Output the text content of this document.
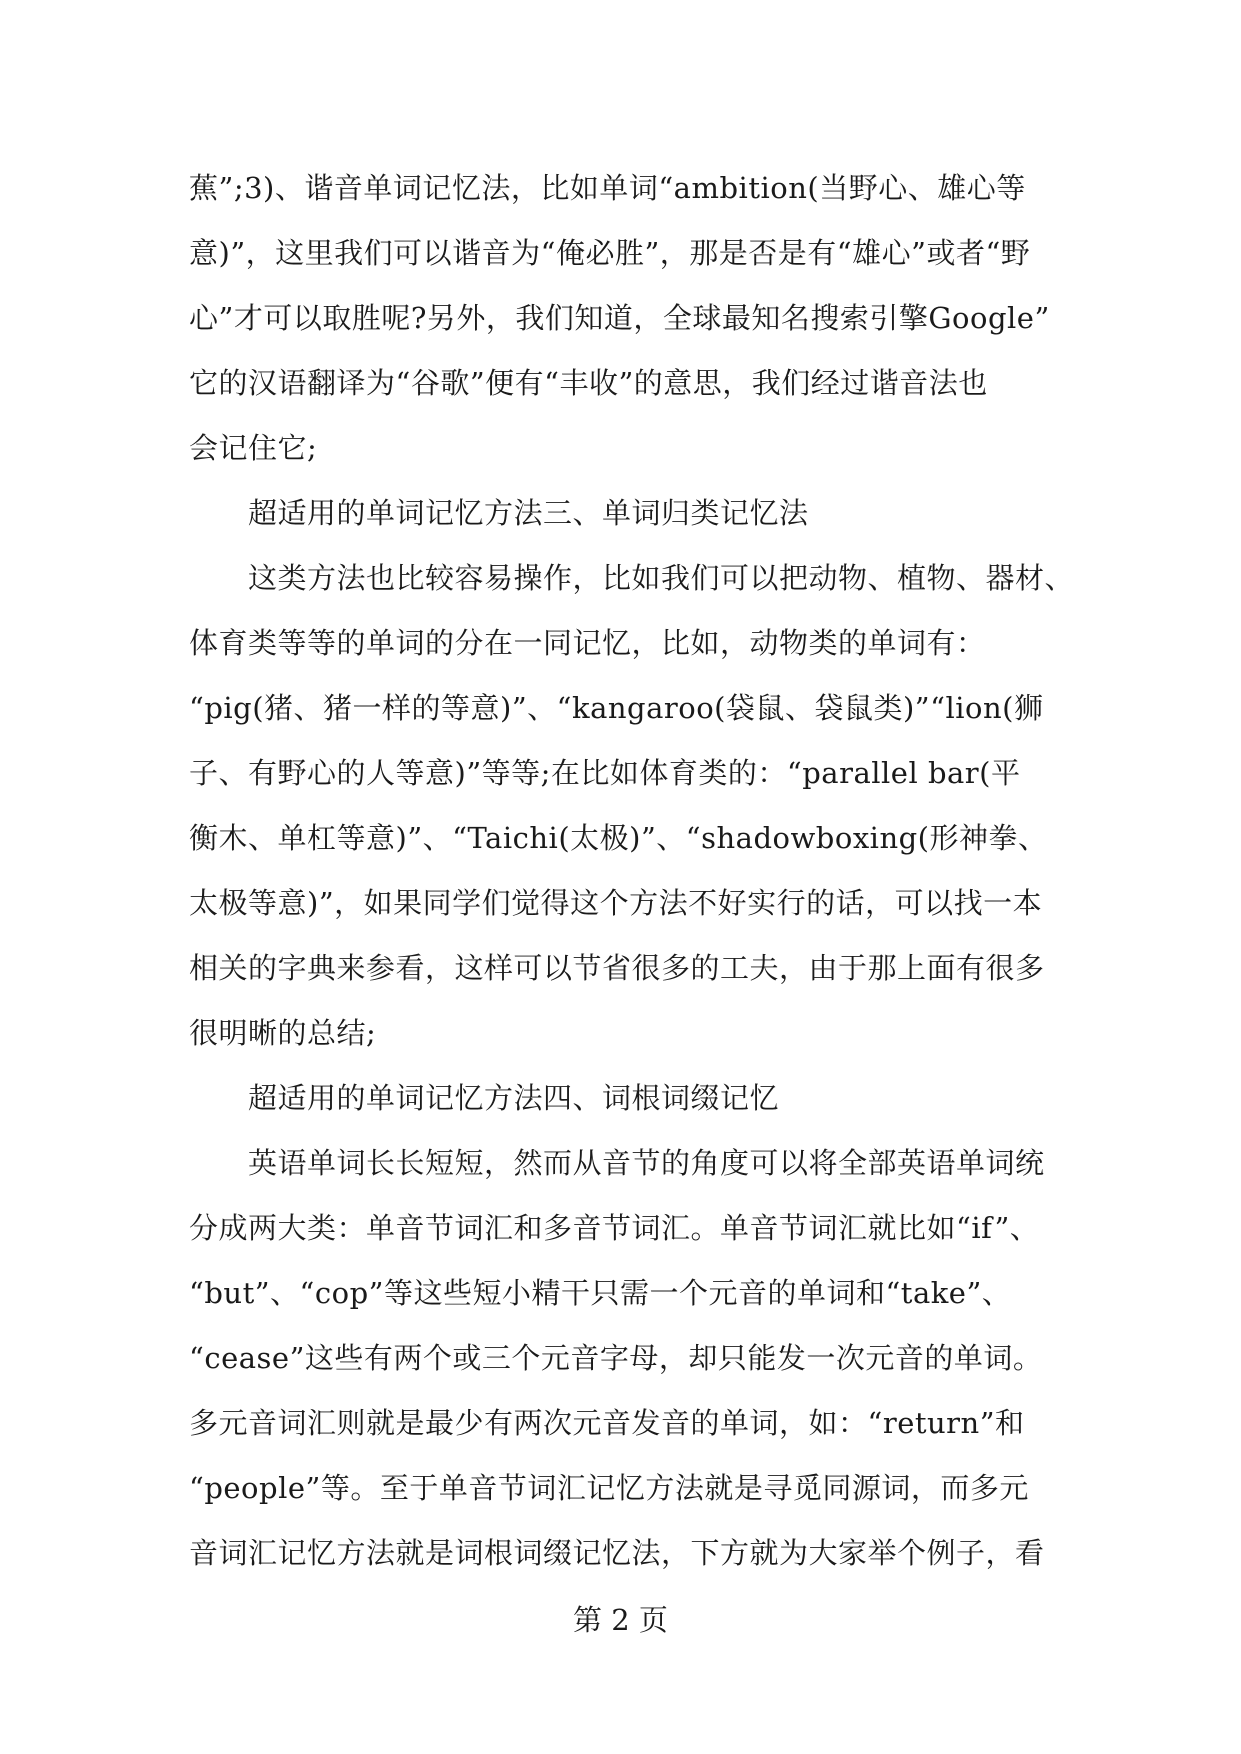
蕉”;3)、谐音单词记忆法，比如单词“ambition(当野心、雄心等
意)”，这里我们可以谐音为“俺必胜”，那是否是有“雄心”或者“野
心”才可以取胜呢?另外，我们知道，全球最知名搜索引擎Google”
它的汉语翻译为“谷歌”便有“丰收”的意思，我们经过谐音法也
会记住它;
超适用的单词记忆方法三、单词归类记忆法
这类方法也比较容易操作，比如我们可以把动物、植物、器材、
体育类等等的单词的分在一同记忆，比如，动物类的单词有：
“pig(猪、猪一样的等意)”、“kangaroo(袋鼠、袋鼠类)”“lion(狮
子、有野心的人等意)”等等;在比如体育类的：“parallel bar(平
衡木、单杠等意)”、“Taichi(太极)”、“shadowboxing(形神拳、
太极等意)”，如果同学们觉得这个方法不好实行的话，可以找一本
相关的字典来参看，这样可以节省很多的工夫，由于那上面有很多
很明晰的总结;
超适用的单词记忆方法四、词根词缀记忆
英语单词长长短短，然而从音节的角度可以将全部英语单词统
分成两大类：单音节词汇和多音节词汇。单音节词汇就比如“if”、
“but”、“cop”等这些短小精干只需一个元音的单词和“take”、
“cease”这些有两个或三个元音字母，却只能发一次元音的单词。
多元音词汇则就是最少有两次元音发音的单词，如：“return”和
“people”等。至于单音节词汇记忆方法就是寻觅同源词，而多元
音词汇记忆方法就是词根词缀记忆法，下方就为大家举个例子，看
第 2 页
